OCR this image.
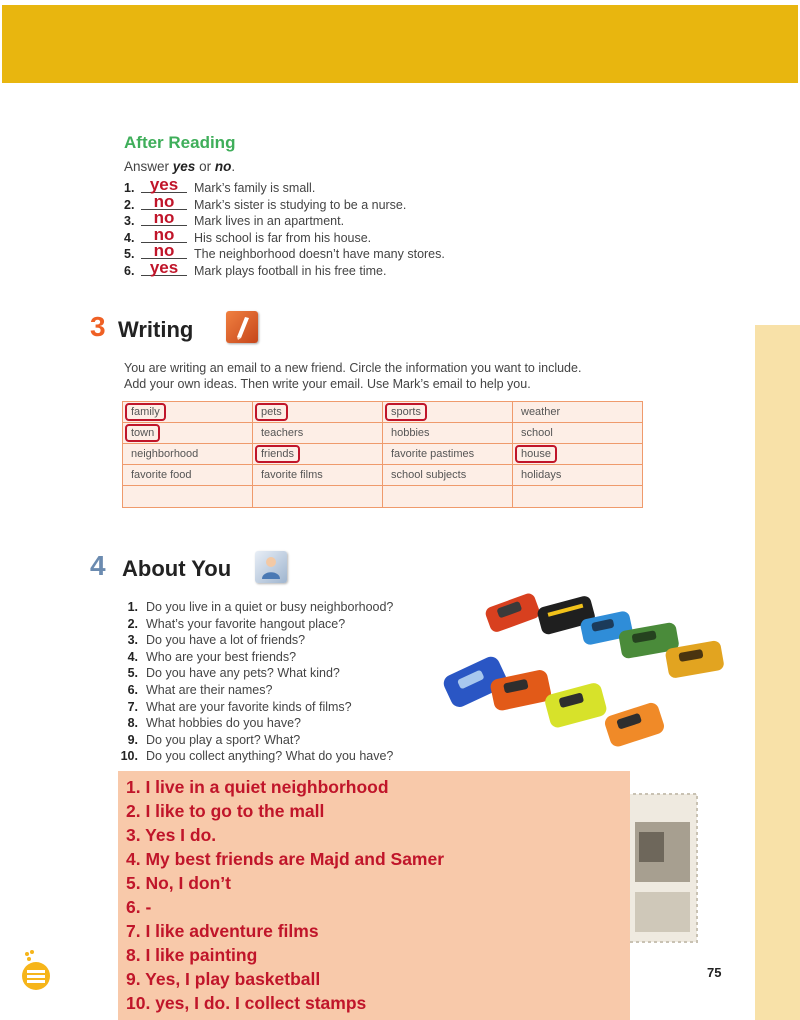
After Reading
Answer yes or no.
1. yes	Mark’s family is small.
2.	no	Mark’s sister is studying to be a nurse.
3.	no	Mark lives in an apartment.
4.	no	His school is far from his house.
5.	no	The neighborhood doesn’t have many stores.
6. yes	Mark plays football in his free time.
3 Writing
You are writing an email to a new friend. Circle the information you want to include.
Add your own ideas. Then write your email. Use Mark’s email to help you.
family	pets	sports	weather
town	teachers	hobbies	school
neighborhood	friends	favorite pastimes	house
favorite food	favorite films	school subjects	holidays

4 About You
1. Do you live in a quiet or busy neighborhood?
2. What’s your favorite hangout place?
3. Do you have a lot of friends?
4. Who are your best friends?
5. Do you have any pets? What kind?
6. What are their names?
7. What are your favorite kinds of films?
8. What hobbies do you have?
9. Do you play a sport? What?
10. Do you collect anything? What do you have?
1. I live in a quiet neighborhood
2. I like to go to the mall
3. Yes I do.
4. My best friends are Majd and Samer
5. No, I don’t
6. -
7. I like adventure films
8. I like painting
9. Yes, I play basketball
10. yes, I do. I collect stamps
75
